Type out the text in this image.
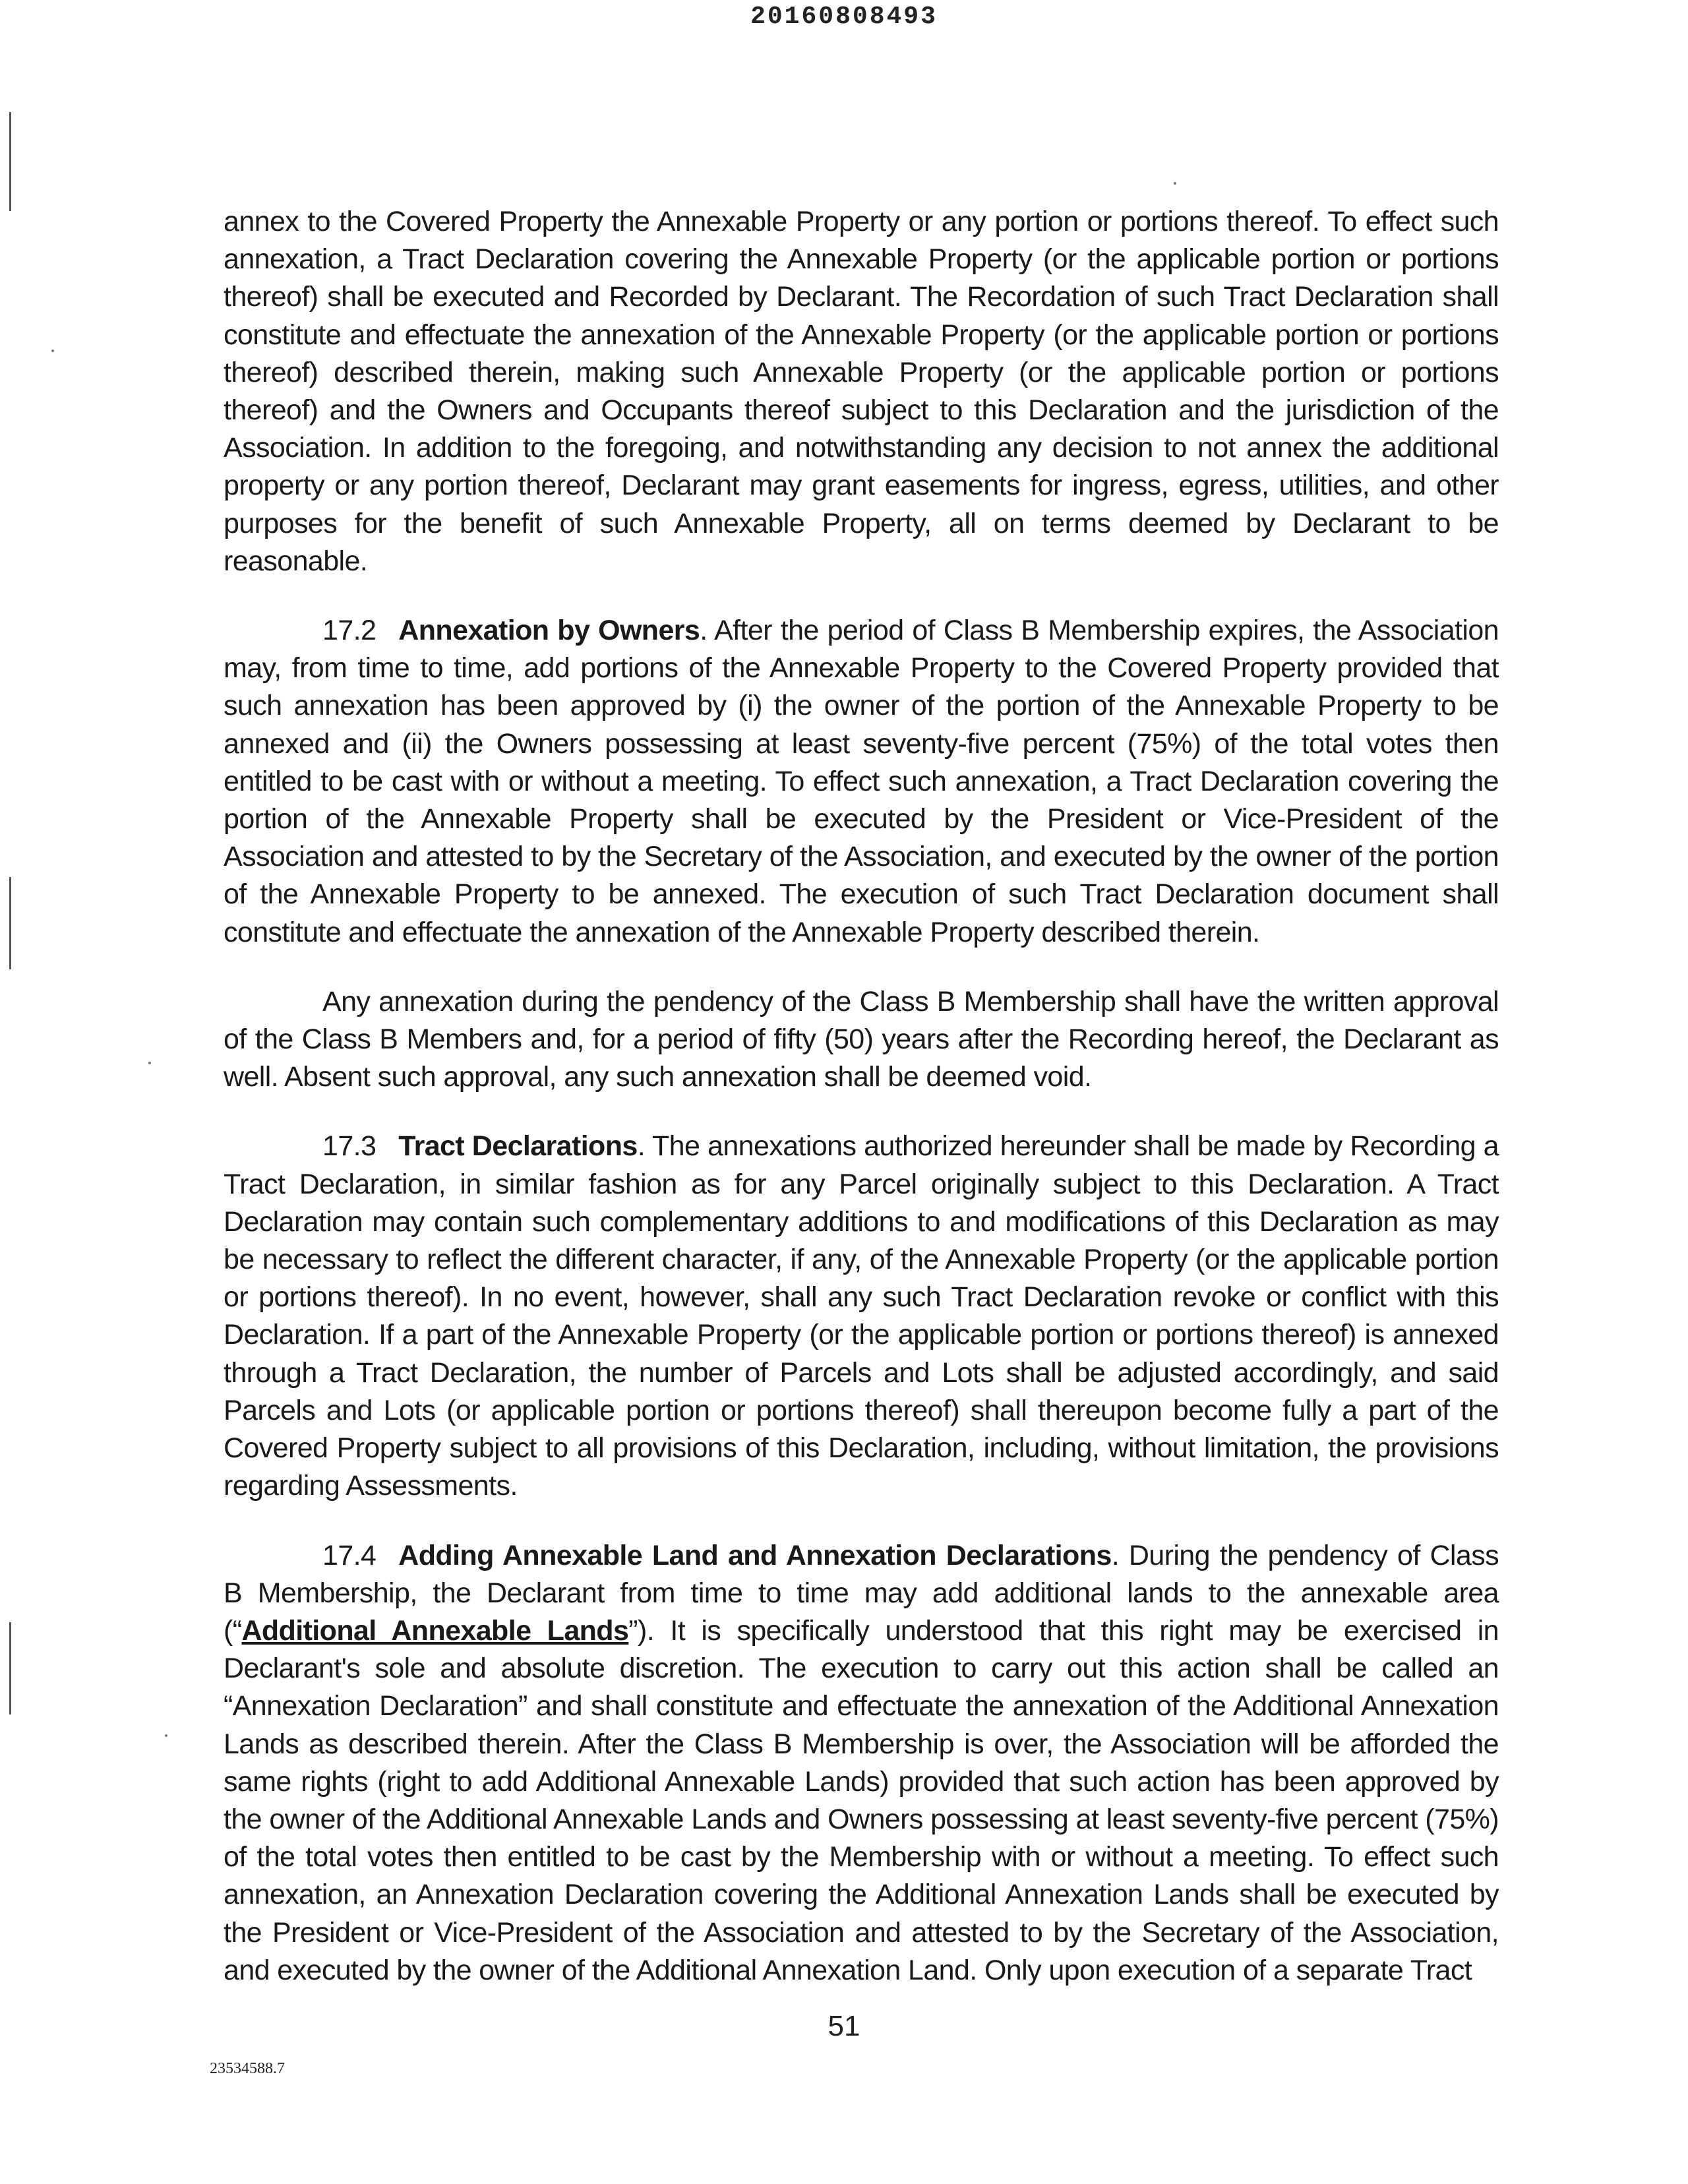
20160808493

annex to the Covered Property the Annexable Property or any portion or portions thereof. To effect such annexation, a Tract Declaration covering the Annexable Property (or the applicable portion or portions thereof) shall be executed and Recorded by Declarant. The Recordation of such Tract Declaration shall constitute and effectuate the annexation of the Annexable Property (or the applicable portion or portions thereof) described therein, making such Annexable Property (or the applicable portion or portions thereof) and the Owners and Occupants thereof subject to this Declaration and the jurisdiction of the Association. In addition to the foregoing, and notwithstanding any decision to not annex the additional property or any portion thereof, Declarant may grant easements for ingress, egress, utilities, and other purposes for the benefit of such Annexable Property, all on terms deemed by Declarant to be reasonable.

17.2 Annexation by Owners. After the period of Class B Membership expires, the Association may, from time to time, add portions of the Annexable Property to the Covered Property provided that such annexation has been approved by (i) the owner of the portion of the Annexable Property to be annexed and (ii) the Owners possessing at least seventy-five percent (75%) of the total votes then entitled to be cast with or without a meeting. To effect such annexation, a Tract Declaration covering the portion of the Annexable Property shall be executed by the President or Vice-President of the Association and attested to by the Secretary of the Association, and executed by the owner of the portion of the Annexable Property to be annexed. The execution of such Tract Declaration document shall constitute and effectuate the annexation of the Annexable Property described therein.

Any annexation during the pendency of the Class B Membership shall have the written approval of the Class B Members and, for a period of fifty (50) years after the Recording hereof, the Declarant as well. Absent such approval, any such annexation shall be deemed void.

17.3 Tract Declarations. The annexations authorized hereunder shall be made by Recording a Tract Declaration, in similar fashion as for any Parcel originally subject to this Declaration. A Tract Declaration may contain such complementary additions to and modifications of this Declaration as may be necessary to reflect the different character, if any, of the Annexable Property (or the applicable portion or portions thereof). In no event, however, shall any such Tract Declaration revoke or conflict with this Declaration. If a part of the Annexable Property (or the applicable portion or portions thereof) is annexed through a Tract Declaration, the number of Parcels and Lots shall be adjusted accordingly, and said Parcels and Lots (or applicable portion or portions thereof) shall thereupon become fully a part of the Covered Property subject to all provisions of this Declaration, including, without limitation, the provisions regarding Assessments.

17.4 Adding Annexable Land and Annexation Declarations. During the pendency of Class B Membership, the Declarant from time to time may add additional lands to the annexable area (“Additional Annexable Lands”). It is specifically understood that this right may be exercised in Declarant's sole and absolute discretion. The execution to carry out this action shall be called an “Annexation Declaration” and shall constitute and effectuate the annexation of the Additional Annexation Lands as described therein. After the Class B Membership is over, the Association will be afforded the same rights (right to add Additional Annexable Lands) provided that such action has been approved by the owner of the Additional Annexable Lands and Owners possessing at least seventy-five percent (75%) of the total votes then entitled to be cast by the Membership with or without a meeting. To effect such annexation, an Annexation Declaration covering the Additional Annexation Lands shall be executed by the President or Vice-President of the Association and attested to by the Secretary of the Association, and executed by the owner of the Additional Annexation Land. Only upon execution of a separate Tract

51
23534588.7
